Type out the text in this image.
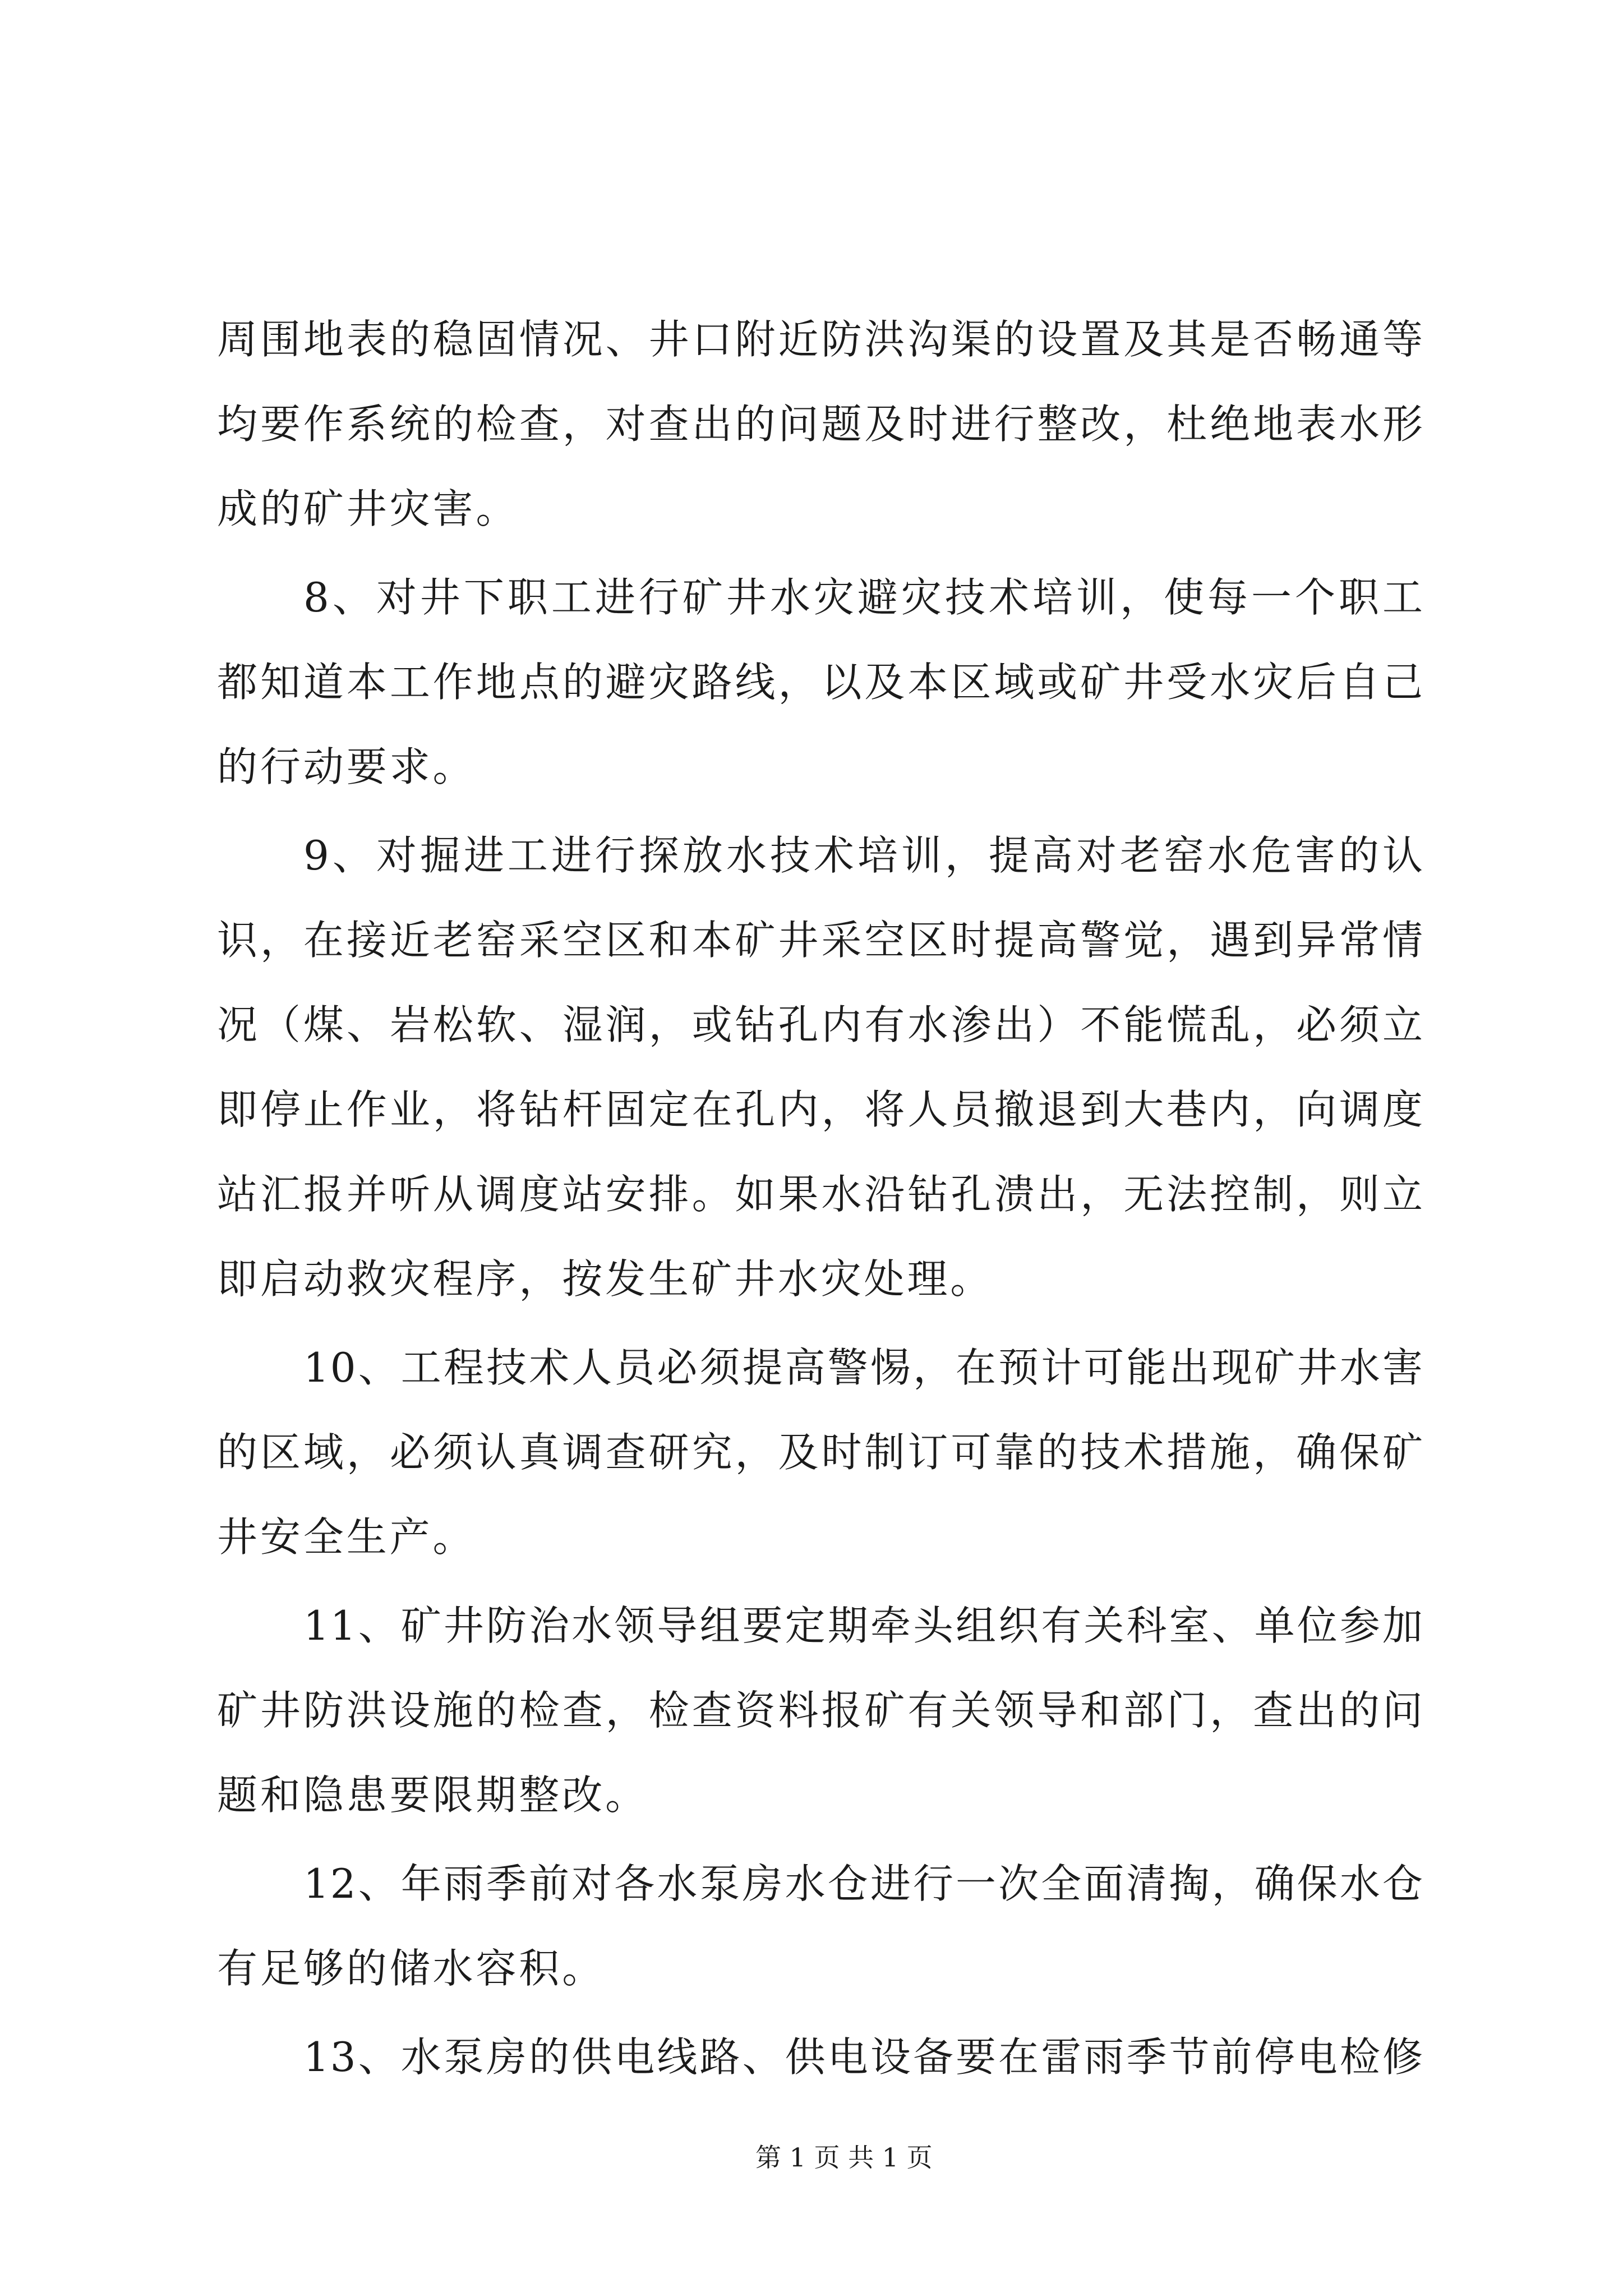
周围地表的稳固情况、井口附近防洪沟渠的设置及其是否畅通等
均要作系统的检查，对查出的问题及时进行整改，杜绝地表水形
成的矿井灾害。
8、对井下职工进行矿井水灾避灾技术培训，使每一个职工
都知道本工作地点的避灾路线，以及本区域或矿井受水灾后自己
的行动要求。
9、对掘进工进行探放水技术培训，提高对老窑水危害的认
识，在接近老窑采空区和本矿井采空区时提高警觉，遇到异常情
况（煤、岩松软、湿润，或钻孔内有水渗出）不能慌乱，必须立
即停止作业，将钻杆固定在孔内，将人员撤退到大巷内，向调度
站汇报并听从调度站安排。如果水沿钻孔溃出，无法控制，则立
即启动救灾程序，按发生矿井水灾处理。
10、工程技术人员必须提高警惕，在预计可能出现矿井水害
的区域，必须认真调查研究，及时制订可靠的技术措施，确保矿
井安全生产。
11、矿井防治水领导组要定期牵头组织有关科室、单位参加
矿井防洪设施的检查，检查资料报矿有关领导和部门，查出的问
题和隐患要限期整改。
12、年雨季前对各水泵房水仓进行一次全面清掏，确保水仓
有足够的储水容积。
13、水泵房的供电线路、供电设备要在雷雨季节前停电检修
第 1 页 共 1 页
